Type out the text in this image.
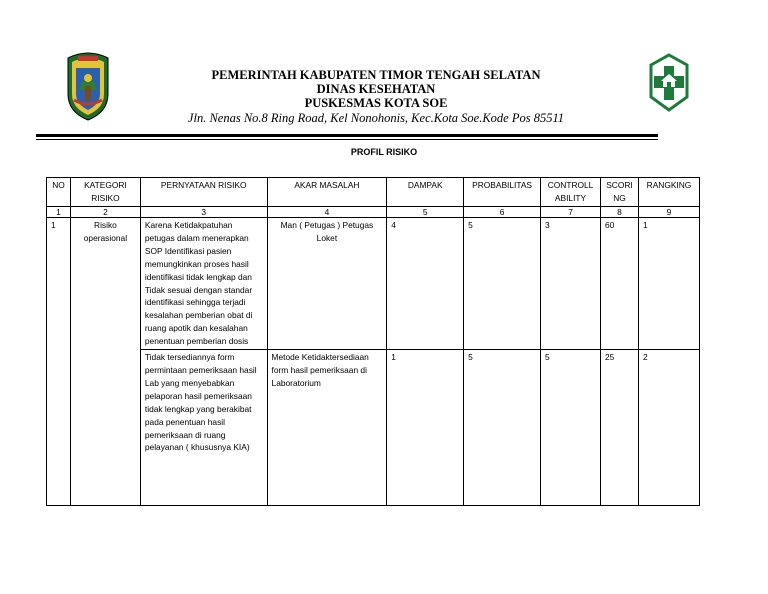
PEMERINTAH KABUPATEN TIMOR TENGAH SELATAN
DINAS KESEHATAN
PUSKESMAS KOTA SOE
Jln. Nenas No.8 Ring Road, Kel Nonohonis, Kec.Kota Soe.Kode Pos 85511
PROFIL RISIKO
NO	KATEGORI RISIKO	PERNYATAAN RISIKO	AKAR MASALAH	DAMPAK	PROBABILITAS	CONTROLL ABILITY	SCORI NG	RANGKING
1	2	3	4	5	6	7	8	9
1	Risiko operasional	Karena Ketidakpatuhan petugas dalam menerapkan SOP Identifikasi pasien memungkinkan proses hasil identifikasi tidak lengkap dan Tidak sesuai dengan standar identifikasi sehingga terjadi kesalahan pemberian obat di ruang apotik dan kesalahan penentuan pemberian dosis	Man ( Petugas ) Petugas Loket	4	5	3	60	1
		Tidak tersediannya form permintaan pemeriksaan hasil Lab yang menyebabkan pelaporan hasil pemeriksaan tidak lengkap yang berakibat pada penentuan hasil pemeriksaan di ruang pelayanan ( khususnya KIA)	Metode Ketidaktersediaan form hasil pemeriksaan di Laboratorium	1	5	5	25	2
